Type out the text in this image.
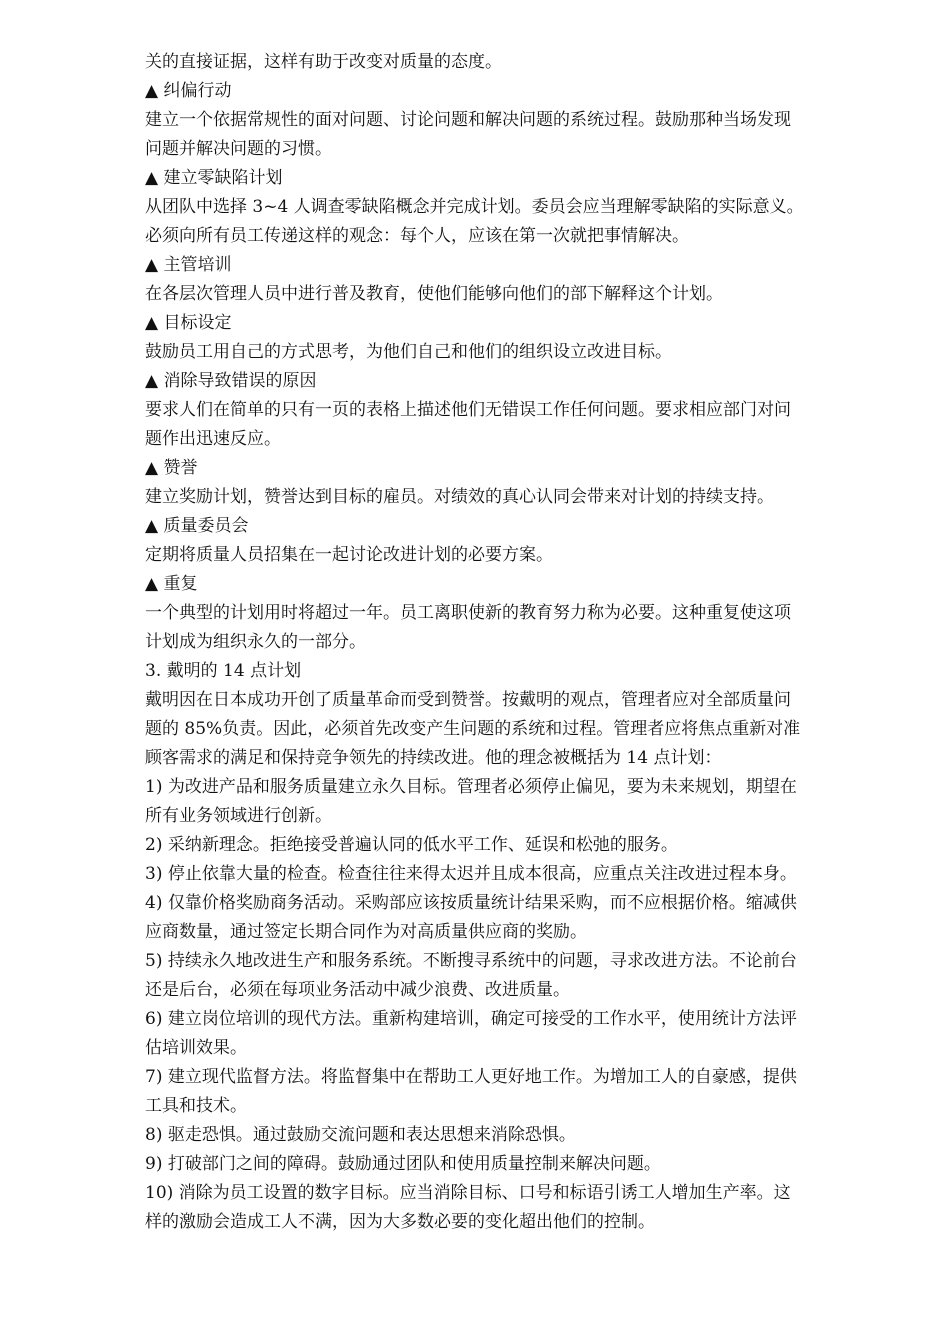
关的直接证据，这样有助于改变对质量的态度。
▲ 纠偏行动
建立一个依据常规性的面对问题、讨论问题和解决问题的系统过程。鼓励那种当场发现
问题并解决问题的习惯。
▲ 建立零缺陷计划
从团队中选择 3~4 人调查零缺陷概念并完成计划。委员会应当理解零缺陷的实际意义。
必须向所有员工传递这样的观念：每个人，应该在第一次就把事情解决。
▲ 主管培训
在各层次管理人员中进行普及教育，使他们能够向他们的部下解释这个计划。
▲ 目标设定
鼓励员工用自己的方式思考，为他们自己和他们的组织设立改进目标。
▲ 消除导致错误的原因
要求人们在简单的只有一页的表格上描述他们无错误工作任何问题。要求相应部门对问
题作出迅速反应。
▲ 赞誉
建立奖励计划，赞誉达到目标的雇员。对绩效的真心认同会带来对计划的持续支持。
▲ 质量委员会
定期将质量人员招集在一起讨论改进计划的必要方案。
▲ 重复
一个典型的计划用时将超过一年。员工离职使新的教育努力称为必要。这种重复使这项
计划成为组织永久的一部分。
3. 戴明的 14 点计划
戴明因在日本成功开创了质量革命而受到赞誉。按戴明的观点，管理者应对全部质量问
题的 85%负责。因此，必须首先改变产生问题的系统和过程。管理者应将焦点重新对准
顾客需求的满足和保持竞争领先的持续改进。他的理念被概括为 14 点计划：
1) 为改进产品和服务质量建立永久目标。管理者必须停止偏见，要为未来规划，期望在
所有业务领域进行创新。
2) 采纳新理念。拒绝接受普遍认同的低水平工作、延误和松弛的服务。
3) 停止依靠大量的检查。检查往往来得太迟并且成本很高，应重点关注改进过程本身。
4) 仅靠价格奖励商务活动。采购部应该按质量统计结果采购，而不应根据价格。缩减供
应商数量，通过签定长期合同作为对高质量供应商的奖励。
5) 持续永久地改进生产和服务系统。不断搜寻系统中的问题，寻求改进方法。不论前台
还是后台，必须在每项业务活动中减少浪费、改进质量。
6) 建立岗位培训的现代方法。重新构建培训，确定可接受的工作水平，使用统计方法评
估培训效果。
7) 建立现代监督方法。将监督集中在帮助工人更好地工作。为增加工人的自豪感，提供
工具和技术。
8) 驱走恐惧。通过鼓励交流问题和表达思想来消除恐惧。
9) 打破部门之间的障碍。鼓励通过团队和使用质量控制来解决问题。
10) 消除为员工设置的数字目标。应当消除目标、口号和标语引诱工人增加生产率。这
样的激励会造成工人不满，因为大多数必要的变化超出他们的控制。
